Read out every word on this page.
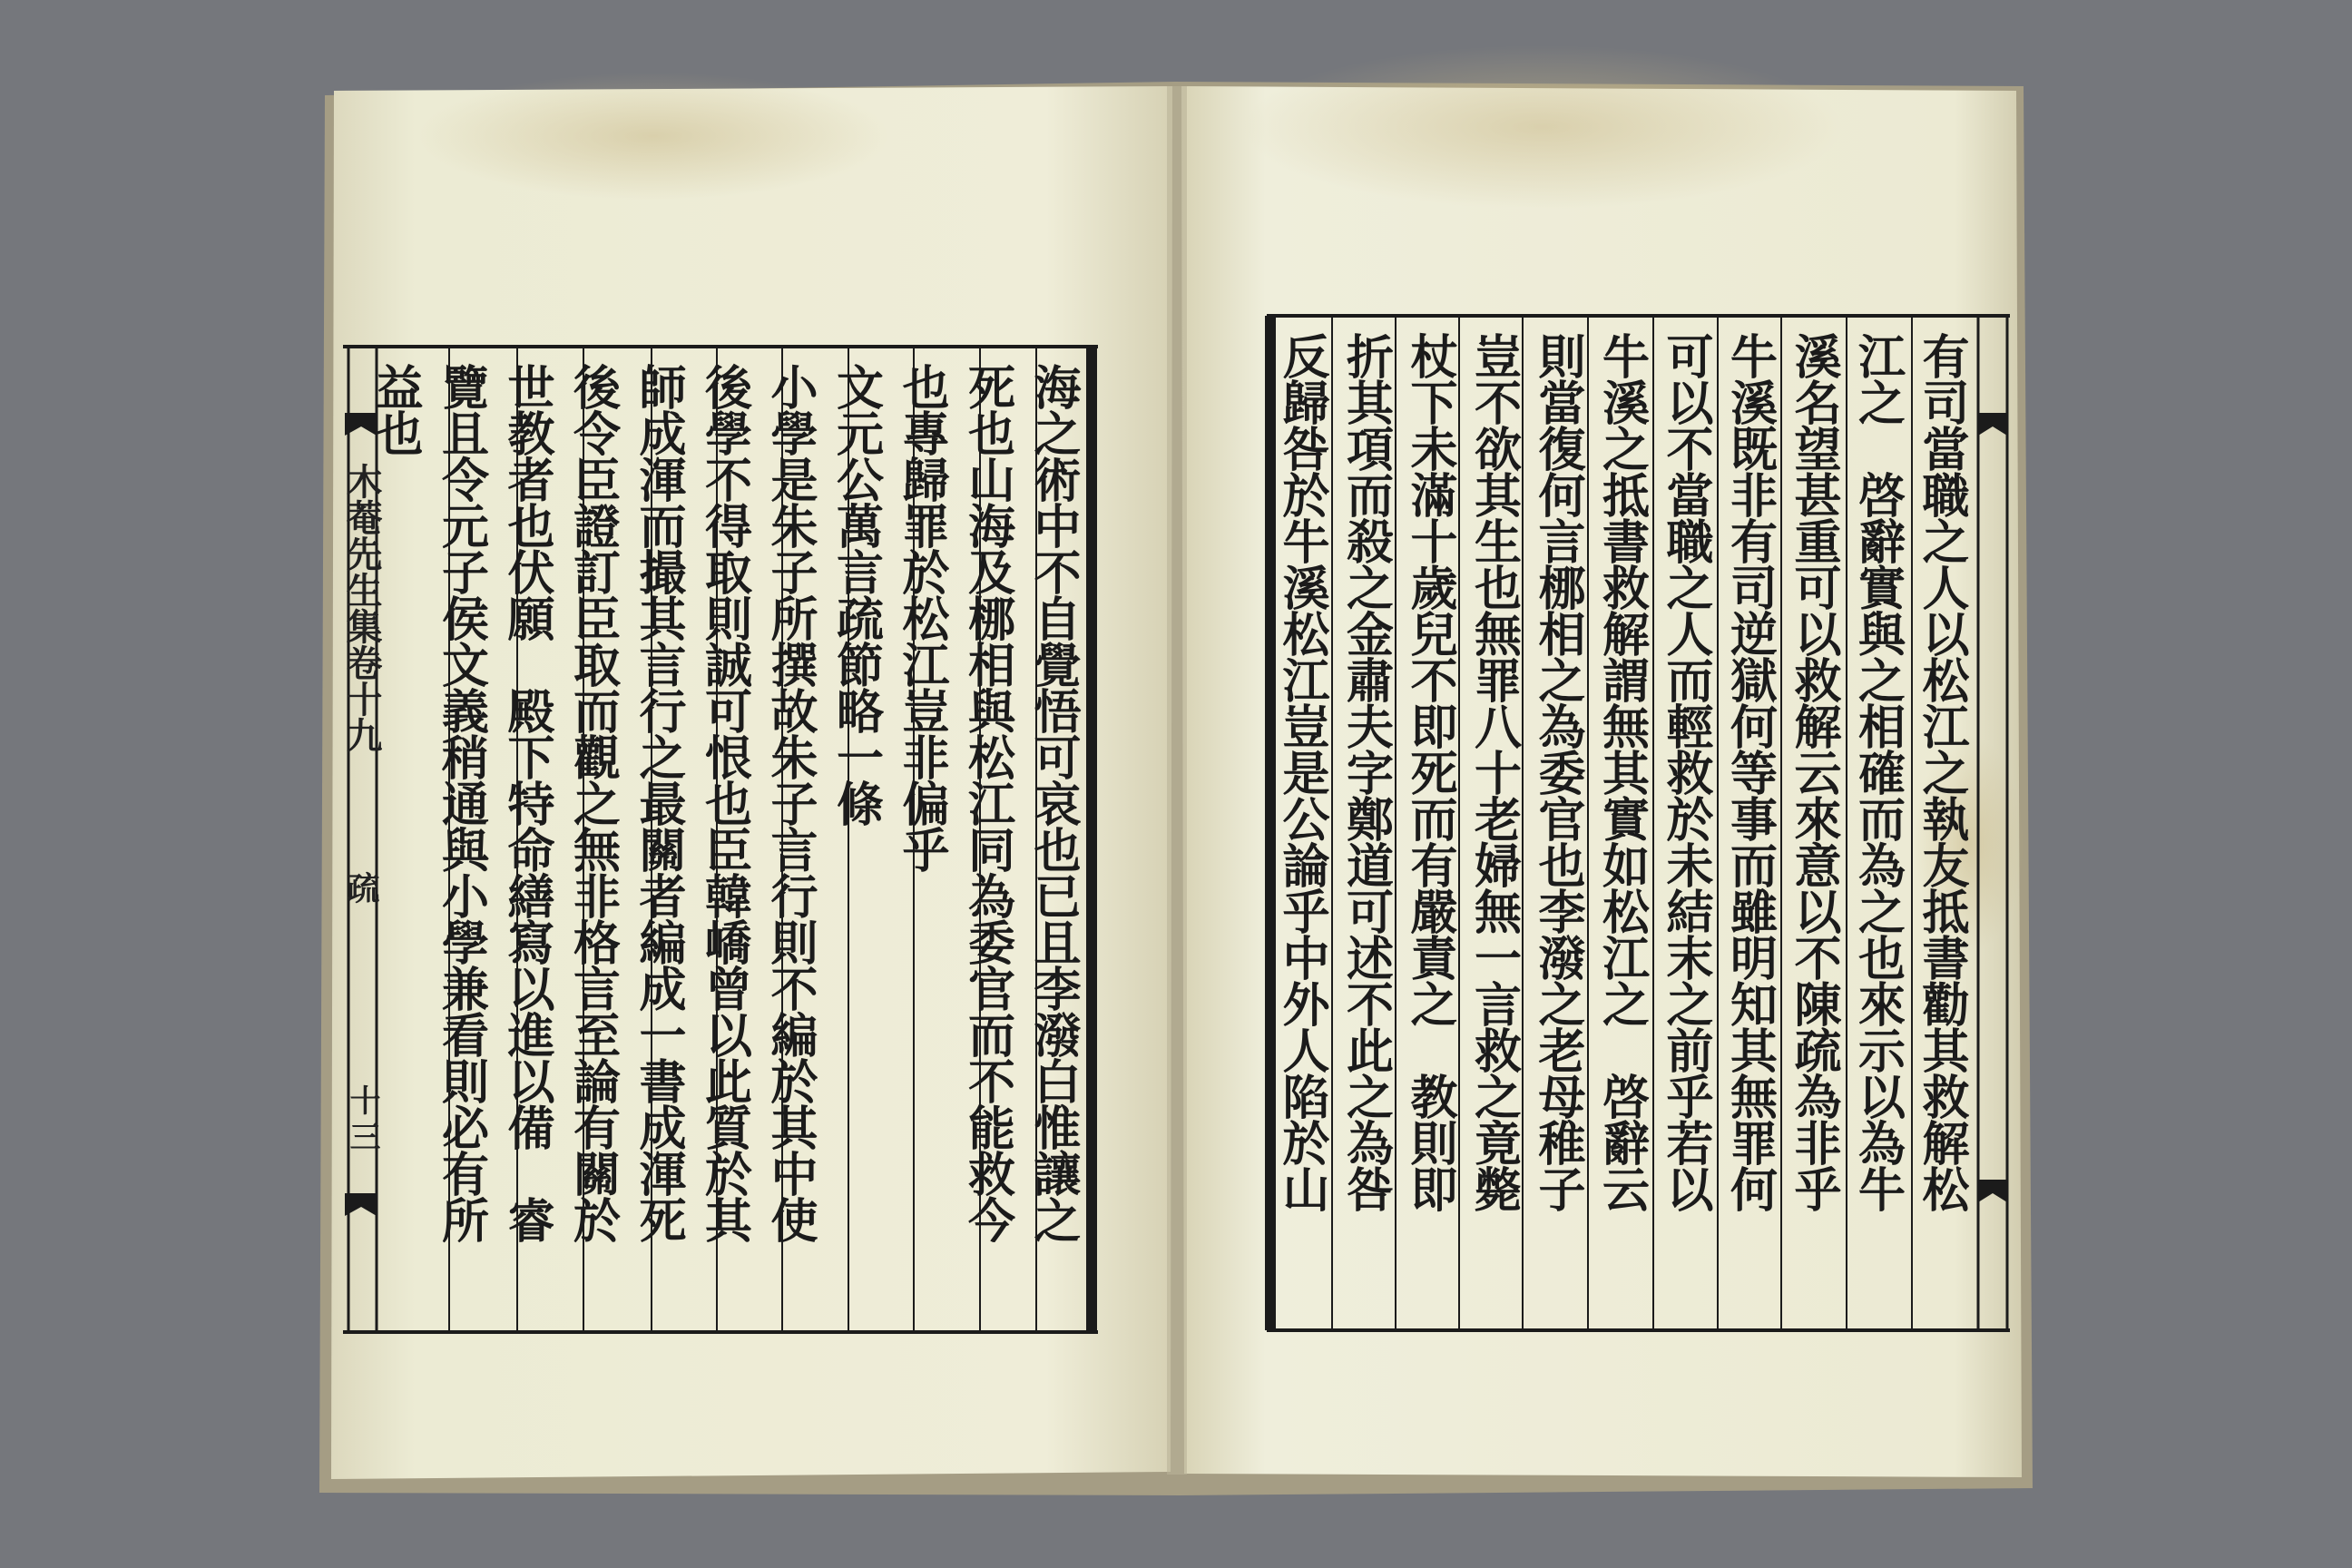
木菴先生集卷十九
疏
十三	海之術中不自覺悟可哀也已且李潑白惟讓之
死也山海及梛相與松江同為委官而不能救今
也專歸罪於松江豈非偏乎
文元公萬言疏節略一條
小學是朱子所撰故朱子言行則不編於其中使
後學不得取則誠可恨也臣韓嶠曾以此質於其
師成渾而撮其言行之最關者編成一書成渾死
後令臣證訂臣取而觀之無非格言至論有關於
世教者也伏願　殿下特命繕寫以進以備　睿
覽且令元子侯文義稍通與小學兼看則必有所
益也	有司當職之人以松江之執友抵書勸其救解松
江之　啓辭實與之相確而為之也來示以為牛
溪名望甚重可以救解云來意以不陳疏為非乎
牛溪既非有司逆獄何等事而雖明知其無罪何
可以不當職之人而輕救於未結末之前乎若以
牛溪之抵書救解謂無其實如松江之　啓辭云
則當復何言梛相之為委官也李潑之老母稚子
豈不欲其生也無罪八十老婦無一言救之竟斃
杖下未滿十歲兒不即死而有嚴責之　教則即
折其項而殺之金肅夫字鄭道可述不此之為咎
反歸咎於牛溪松江豈是公論乎中外人陷於山
